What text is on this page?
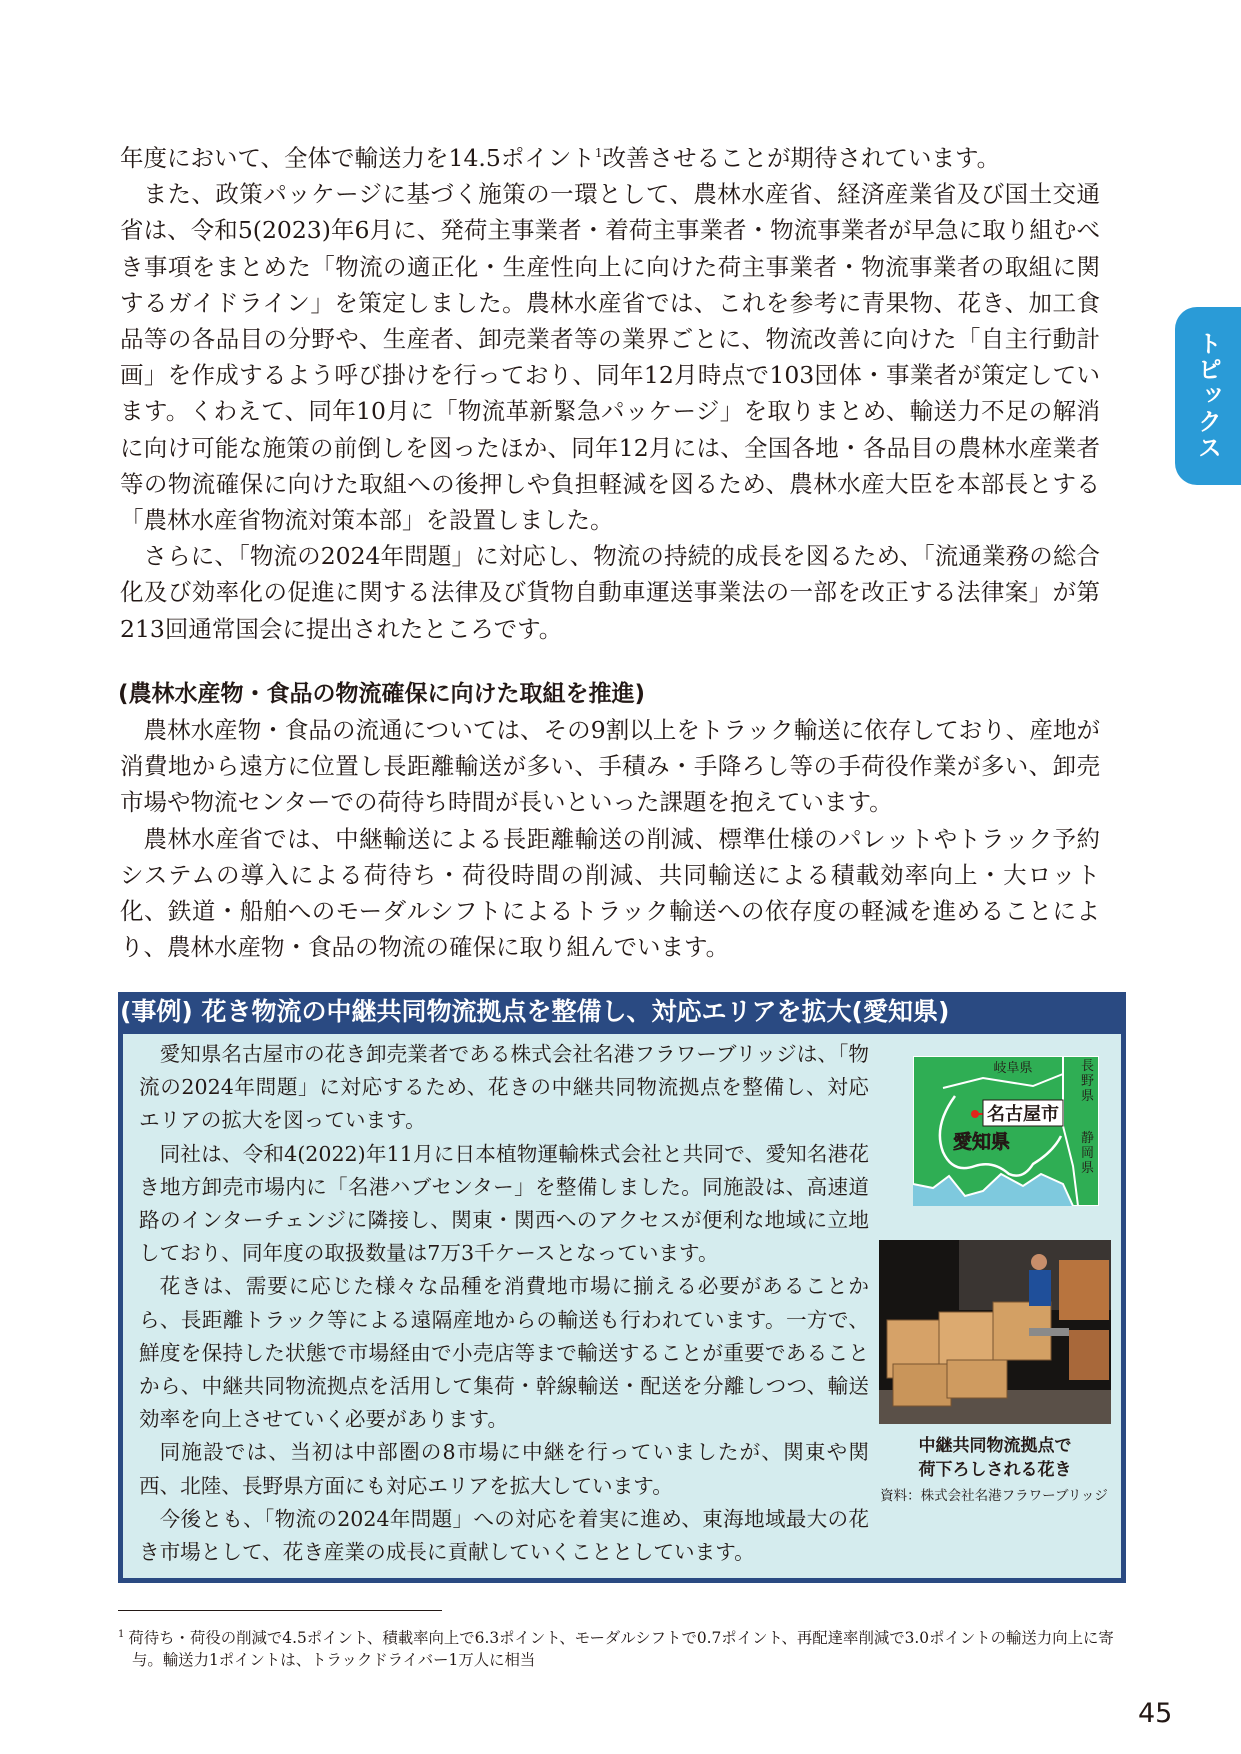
年度において、全体で輸送力を14.5ポイント$^1$改善させることが期待されています。

また、政策パッケージに基づく施策の一環として、農林水産省、経済産業省及び国土交通省は、令和5(2023)年6月に、発荷主事業者・着荷主事業者・物流事業者が早急に取り組むべき事項をまとめた「物流の適正化・生産性向上に向けた荷主事業者・物流事業者の取組に関するガイドライン」を策定しました。農林水産省では、これを参考に青果物、花き、加工食品等の各品目の分野や、生産者、卸売業者等の業界ごとに、物流改善に向けた「自主行動計画」を作成するよう呼び掛けを行っており、同年12月時点で103団体・事業者が策定しています。くわえて、同年10月に「物流革新緊急パッケージ」を取りまとめ、輸送力不足の解消に向け可能な施策の前倒しを図ったほか、同年12月には、全国各地・各品目の農林水産業者等の物流確保に向けた取組への後押しや負担軽減を図るため、農林水産大臣を本部長とする「農林水産省物流対策本部」を設置しました。

さらに、「物流の2024年問題」に対応し、物流の持続的成長を図るため、「流通業務の総合化及び効率化の促進に関する法律及び貨物自動車運送事業法の一部を改正する法律案」が第213回通常国会に提出されたところです。

(農林水産物・食品の物流確保に向けた取組を推進)

農林水産物・食品の流通については、その9割以上をトラック輸送に依存しており、産地が消費地から遠方に位置し長距離輸送が多い、手積み・手降ろし等の手荷役作業が多い、卸売市場や物流センターでの荷待ち時間が長いといった課題を抱えています。

農林水産省では、中継輸送による長距離輸送の削減、標準仕様のパレットやトラック予約システムの導入による荷待ち・荷役時間の削減、共同輸送による積載効率向上・大ロット化、鉄道・船舶へのモーダルシフトによるトラック輸送への依存度の軽減を進めることにより、農林水産物・食品の物流の確保に取り組んでいます。

トピックス
(事例) 花き物流の中継共同物流拠点を整備し、対応エリアを拡大(愛知県)

愛知県名古屋市の花き卸売業者である株式会社名港フラワーブリッジは、「物流の2024年問題」に対応するため、花きの中継共同物流拠点を整備し、対応エリアの拡大を図っています。

同社は、令和4(2022)年11月に日本植物運輸株式会社と共同で、愛知名港花き地方卸売市場内に「名港ハブセンター」を整備しました。同施設は、高速道路のインターチェンジに隣接し、関東・関西へのアクセスが便利な地域に立地しており、同年度の取扱数量は7万3千ケースとなっています。

花きは、需要に応じた様々な品種を消費地市場に揃える必要があることから、長距離トラック等による遠隔産地からの輸送も行われています。一方で、鮮度を保持した状態で市場経由で小売店等まで輸送することが重要であることから、中継共同物流拠点を活用して集荷・幹線輸送・配送を分離しつつ、輸送効率を向上させていく必要があります。

同施設では、当初は中部圏の8市場に中継を行っていましたが、関東や関西、北陸、長野県方面にも対応エリアを拡大しています。

今後とも、「物流の2024年問題」への対応を着実に進め、東海地域最大の花き市場として、花き産業の成長に貢献していくこととしています。

名古屋市
岐阜県
愛知県
長野県
静岡県

中継共同物流拠点で
荷下ろしされる花き

資料：株式会社名港フラワーブリッジ

$^1$ 荷待ち・荷役の削減で4.5ポイント、積載率向上で6.3ポイント、モーダルシフトで0.7ポイント、再配達率削減で3.0ポイントの輸送力向上に寄与。輸送力1ポイントは、トラックドライバー1万人に相当

45
